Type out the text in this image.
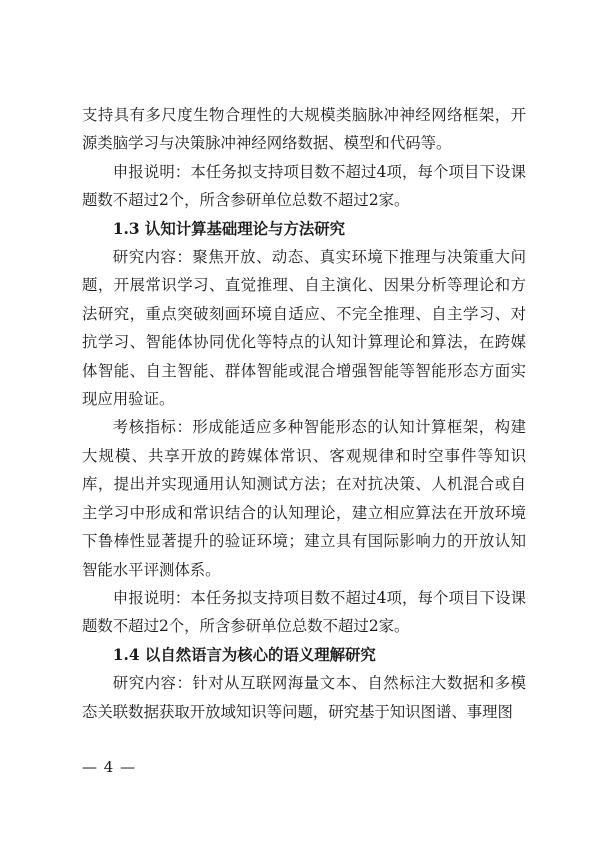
支持具有多尺度生物合理性的大规模类脑脉冲神经网络框架，开源类脑学习与决策脉冲神经网络数据、模型和代码等。

申报说明：本任务拟支持项目数不超过4项，每个项目下设课题数不超过2个，所含参研单位总数不超过2家。

1.3 认知计算基础理论与方法研究

研究内容：聚焦开放、动态、真实环境下推理与决策重大问题，开展常识学习、直觉推理、自主演化、因果分析等理论和方法研究，重点突破刻画环境自适应、不完全推理、自主学习、对抗学习、智能体协同优化等特点的认知计算理论和算法，在跨媒体智能、自主智能、群体智能或混合增强智能等智能形态方面实现应用验证。

考核指标：形成能适应多种智能形态的认知计算框架，构建大规模、共享开放的跨媒体常识、客观规律和时空事件等知识库，提出并实现通用认知测试方法；在对抗决策、人机混合或自主学习中形成和常识结合的认知理论，建立相应算法在开放环境下鲁棒性显著提升的验证环境；建立具有国际影响力的开放认知智能水平评测体系。

申报说明：本任务拟支持项目数不超过4项，每个项目下设课题数不超过2个，所含参研单位总数不超过2家。

1.4 以自然语言为核心的语义理解研究

研究内容：针对从互联网海量文本、自然标注大数据和多模态关联数据获取开放域知识等问题，研究基于知识图谱、事理图

— 4 —
